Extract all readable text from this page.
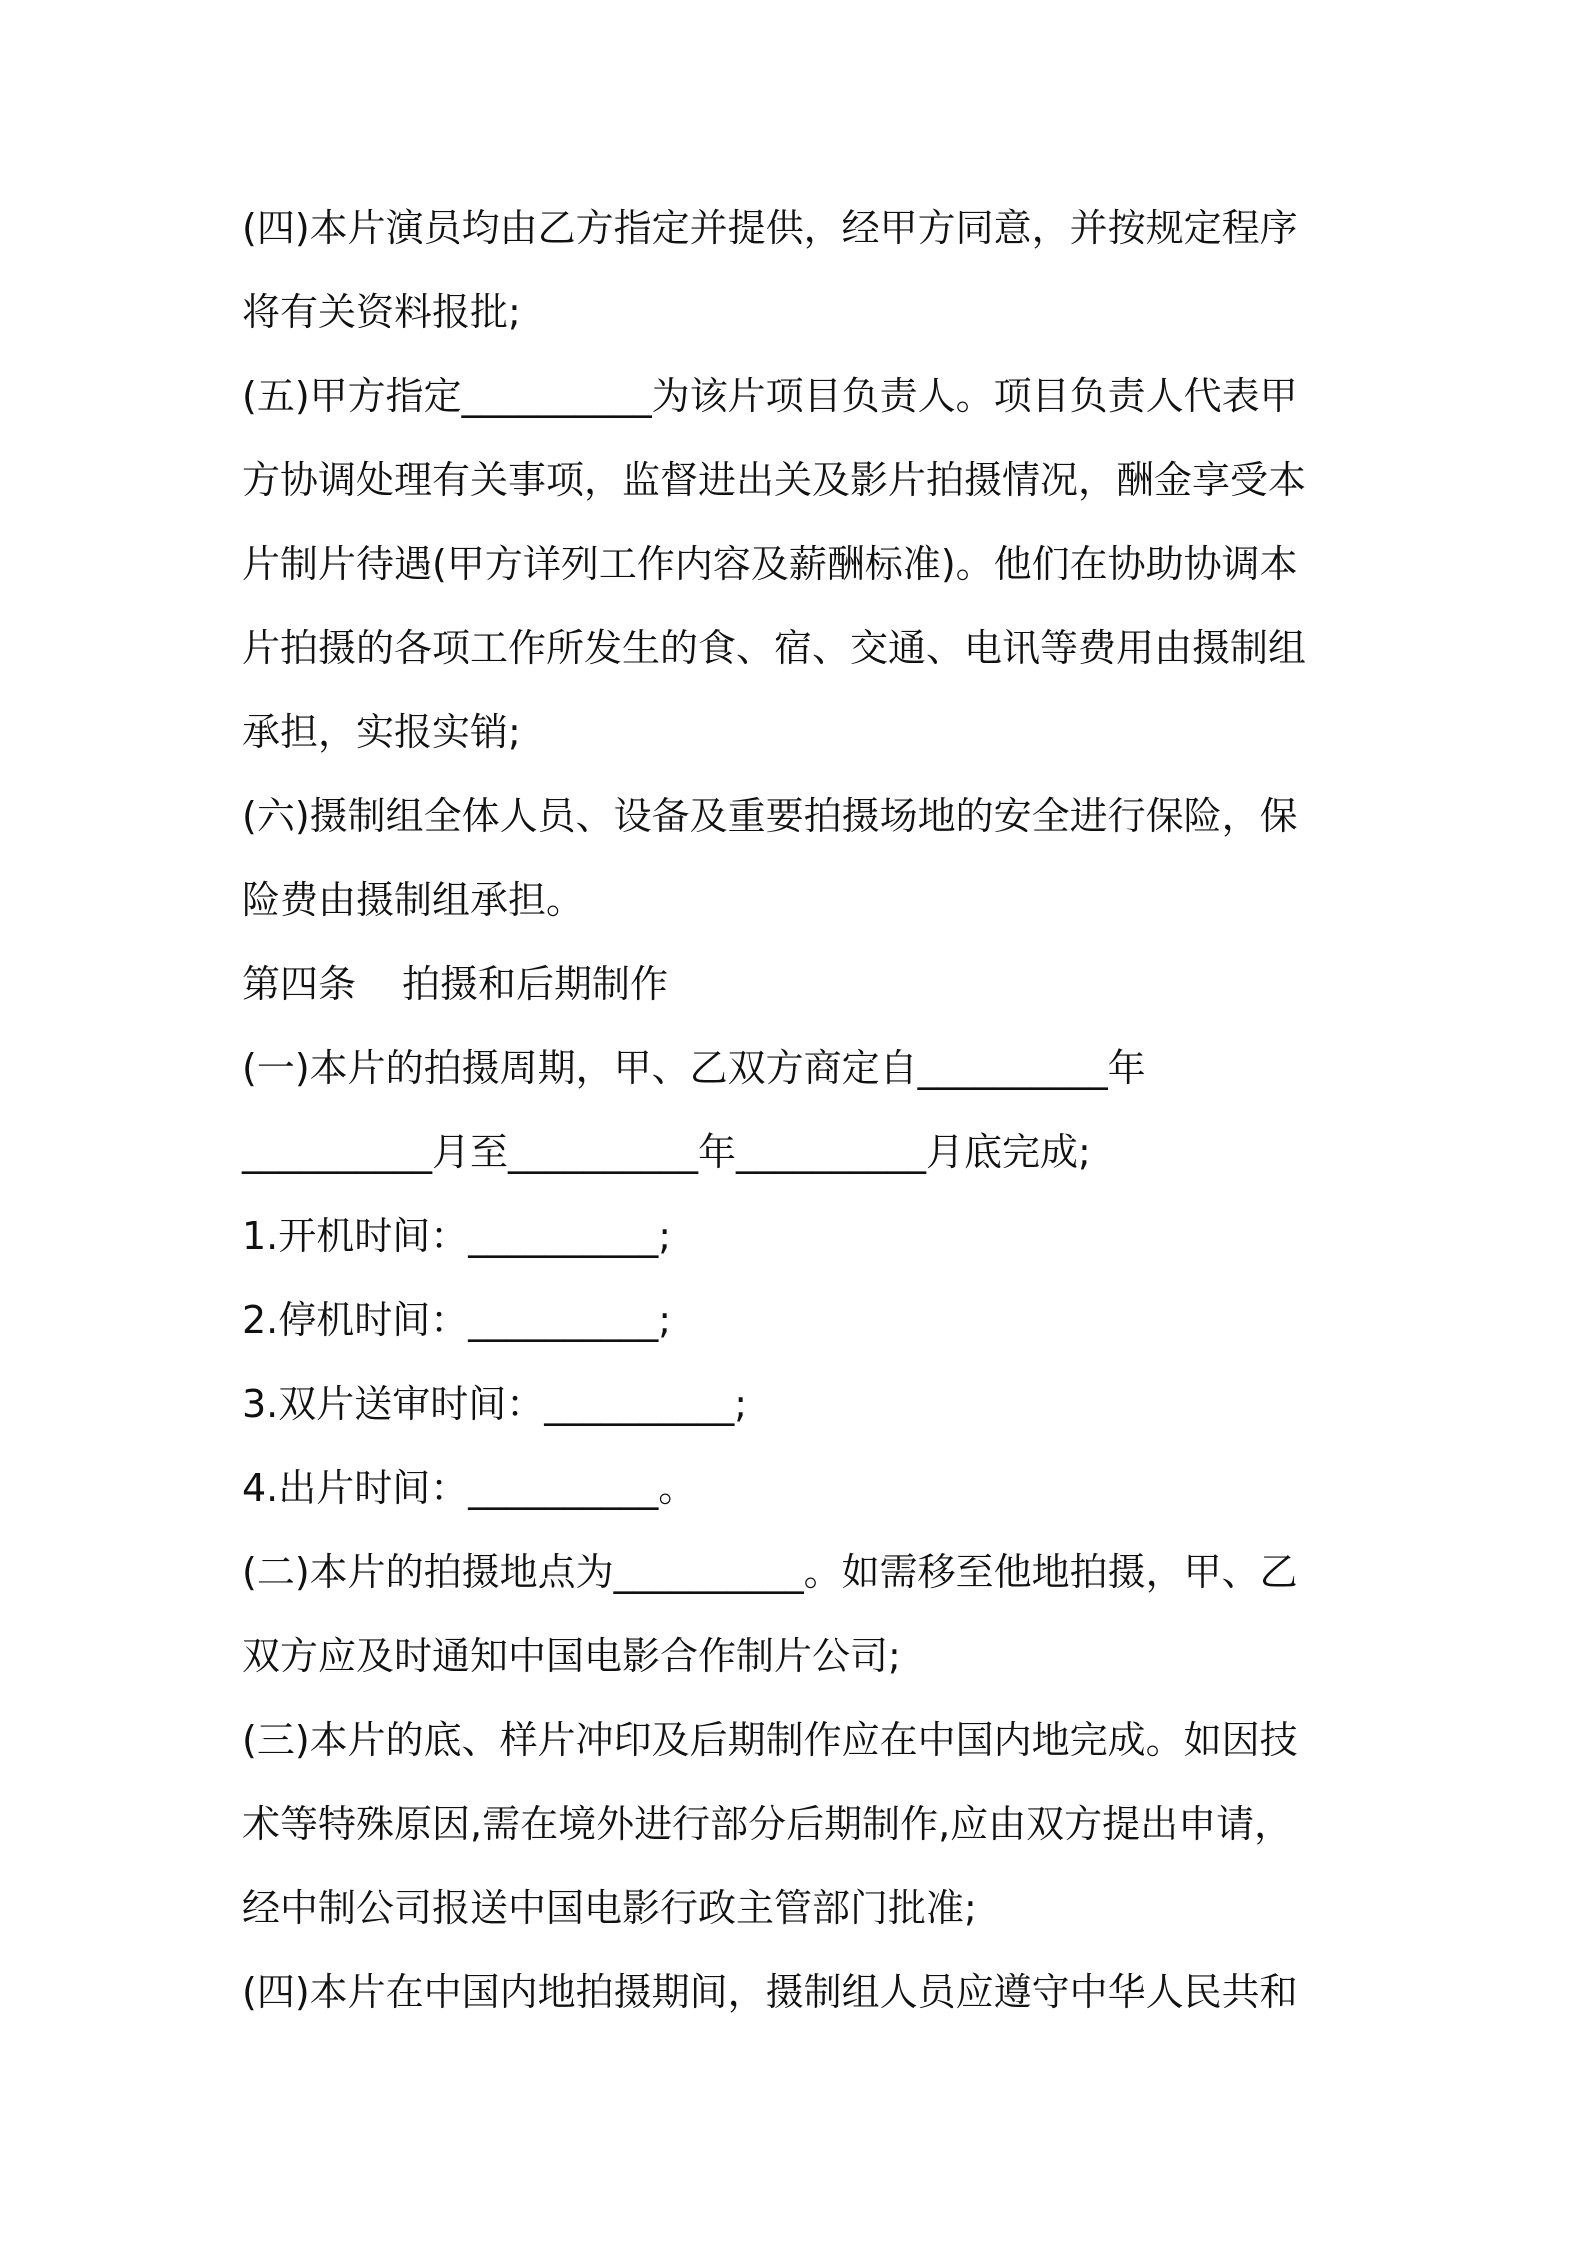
(四)本片演员均由乙方指定并提供，经甲方同意，并按规定程序
将有关资料报批;
(五)甲方指定__________为该片项目负责人。项目负责人代表甲
方协调处理有关事项，监督进出关及影片拍摄情况，酬金享受本
片制片待遇(甲方详列工作内容及薪酬标准)。他们在协助协调本
片拍摄的各项工作所发生的食、宿、交通、电讯等费用由摄制组
承担，实报实销;
(六)摄制组全体人员、设备及重要拍摄场地的安全进行保险，保
险费由摄制组承担。
第四条 拍摄和后期制作
(一)本片的拍摄周期，甲、乙双方商定自__________年
__________月至__________年__________月底完成;
1.开机时间：__________;
2.停机时间：__________;
3.双片送审时间：__________;
4.出片时间：__________。
(二)本片的拍摄地点为__________。如需移至他地拍摄，甲、乙
双方应及时通知中国电影合作制片公司;
(三)本片的底、样片冲印及后期制作应在中国内地完成。如因技
术等特殊原因,需在境外进行部分后期制作,应由双方提出申请，
经中制公司报送中国电影行政主管部门批准;
(四)本片在中国内地拍摄期间，摄制组人员应遵守中华人民共和
